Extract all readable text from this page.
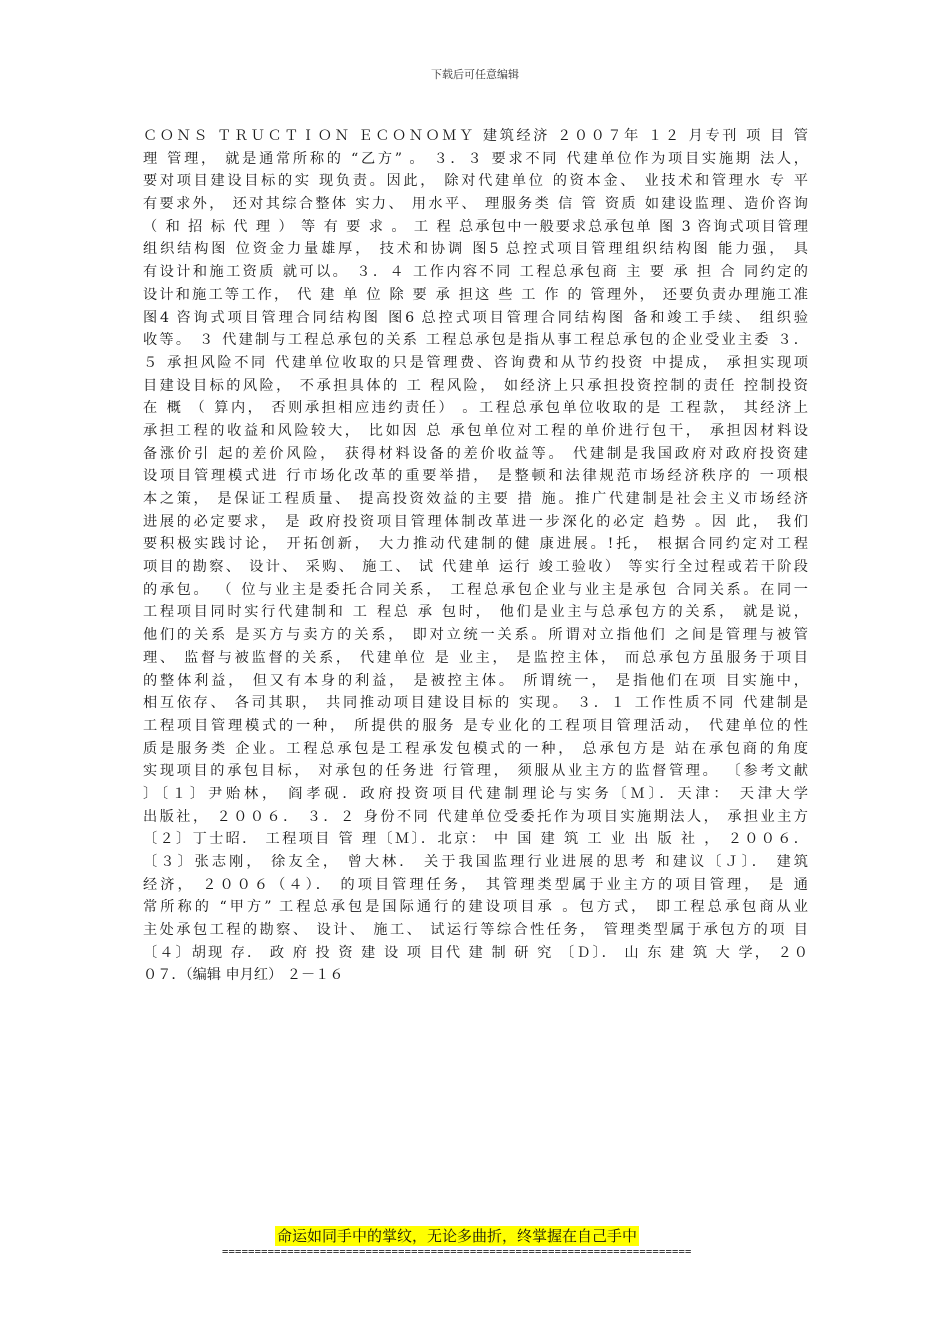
下载后可任意编辑
ＣＯＮＳ ＴＲＵＣＴＩＯＮ ＥＣＯＮＯＭＹ 建筑经济 ２００７年 １２ 月专刊 项 目 管
理 管理， 就是通常所称的 “乙方” 。 ３．３ 要求不同 代建单位作为项目实施期 法人，
要对项目建设目标的实 现负责。因此， 除对代建单位 的资本金、 业技术和管理水 专 平
有要求外， 还对其综合整体 实力、 用水平、 理服务类 信 管 资质 如建设监理、造价咨询
（ 和 招 标 代 理 ） 等 有 要 求 。 工 程 总承包中一般要求总承包单 图 3 咨询式项目管理
组织结构图 位资金力量雄厚， 技术和协调 图5 总控式项目管理组织结构图 能力强， 具
有设计和施工资质 就可以。 ３．４ 工作内容不同 工程总承包商 主 要 承 担 合 同约定的
设计和施工等工作， 代 建 单 位 除 要 承 担这 些 工 作 的 管理外， 还要负责办理施工准
图4 咨询式项目管理合同结构图 图6 总控式项目管理合同结构图 备和竣工手续、 组织验
收等。 ３ 代建制与工程总承包的关系 工程总承包是指从事工程总承包的企业受业主委 ３．
５ 承担风险不同 代建单位收取的只是管理费、咨询费和从节约投资 中提成， 承担实现项
目建设目标的风险， 不承担具体的 工 程风险， 如经济上只承担投资控制的责任 控制投资
在 概 （ 算内， 否则承担相应违约责任） 。工程总承包单位收取的是 工程款， 其经济上
承担工程的收益和风险较大， 比如因 总 承包单位对工程的单价进行包干， 承担因材料设
备涨价引 起的差价风险， 获得材料设备的差价收益等。 代建制是我国政府对政府投资建
设项目管理模式进 行市场化改革的重要举措， 是整顿和法律规范市场经济秩序的 一项根
本之策， 是保证工程质量、 提高投资效益的主要 措 施。推广代建制是社会主义市场经济
进展的必定要求， 是 政府投资项目管理体制改革进一步深化的必定 趋势 。因 此， 我们
要积极实践讨论， 开拓创新， 大力推动代建制的健 康进展。!托， 根据合同约定对工程
项目的勘察、 设计、 采购、 施工、 试 代建单 运行 竣工验收） 等实行全过程或若干阶段
的承包。 （ 位与业主是委托合同关系， 工程总承包企业与业主是承包 合同关系。在同一
工程项目同时实行代建制和 工 程总 承 包时， 他们是业主与总承包方的关系， 就是说，
他们的关系 是买方与卖方的关系， 即对立统一关系。所谓对立指他们 之间是管理与被管
理、 监督与被监督的关系， 代建单位 是 业主， 是监控主体， 而总承包方虽服务于项目
的整体利益， 但又有本身的利益， 是被控主体。 所谓统一， 是指他们在项 目实施中，
相互依存、 各司其职， 共同推动项目建设目标的 实现。 ３．１ 工作性质不同 代建制是
工程项目管理模式的一种， 所提供的服务 是专业化的工程项目管理活动， 代建单位的性
质是服务类 企业。工程总承包是工程承发包模式的一种， 总承包方是 站在承包商的角度
实现项目的承包目标， 对承包的任务进 行管理， 须服从业主方的监督管理。 〔参考文献
〕〔１〕尹贻林， 阎孝砚．政府投资项目代建制理论与实务〔Ｍ〕．天津： 天津大学
出版社， ２００６． ３．２ 身份不同 代建单位受委托作为项目实施期法人， 承担业主方
〔２〕丁士昭． 工程项目 管 理〔Ｍ〕．北京： 中 国 建 筑 工 业 出 版 社 ， ２００６．
〔３〕张志刚， 徐友全， 曾大林． 关于我国监理行业进展的思考 和建议〔Ｊ〕． 建筑
经济， ２００６（４）． 的项目管理任务， 其管理类型属于业主方的项目管理， 是 通
常所称的 “甲方” 工程总承包是国际通行的建设项目承 。包方式， 即工程总承包商从业
主处承包工程的勘察、 设计、 施工、 试运行等综合性任务， 管理类型属于承包方的项 目
〔４〕胡现 存． 政 府 投 资 建 设 项 目代 建 制 研 究 〔Ｄ〕． 山 东 建 筑 大 学， ２０
０７．（编辑 申月红） ２－１６
命运如同手中的掌纹，无论多曲折，终掌握在自己手中
========================================================================
